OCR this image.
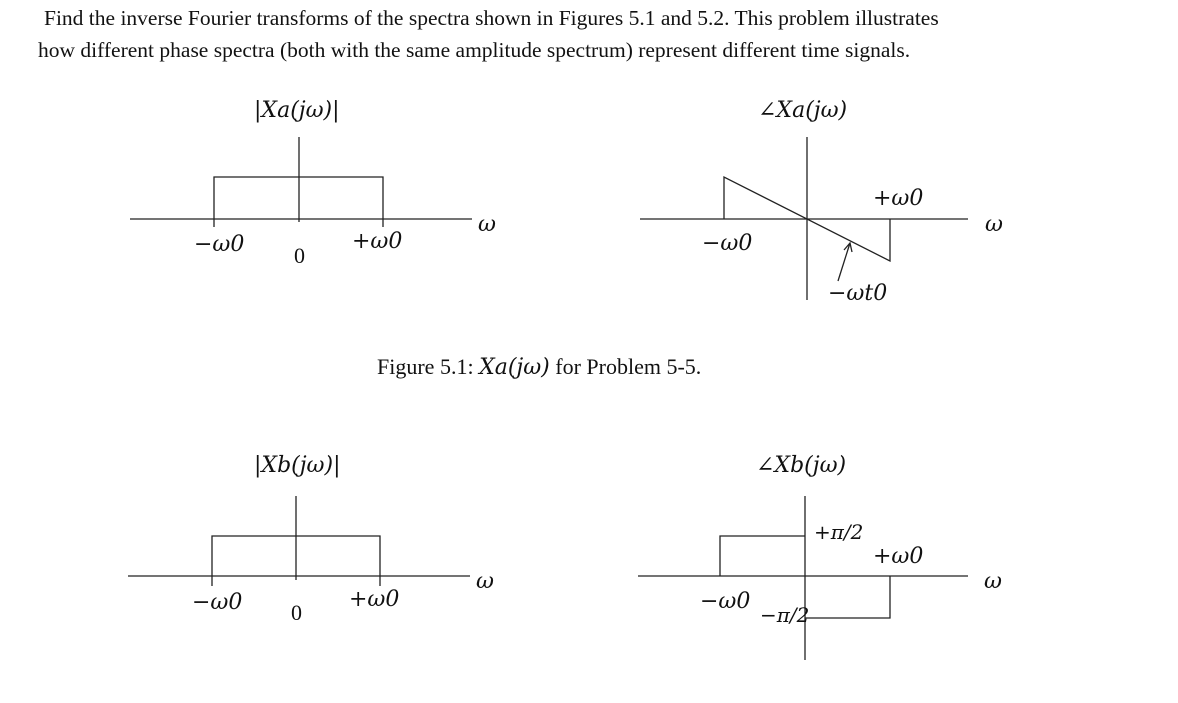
Find the inverse Fourier transforms of the spectra shown in Figures 5.1 and 5.2. This problem illustrates
how different phase spectra (both with the same amplitude spectrum) represent different time signals.
|Xa(jω)|
−ω0 0
+ω0
ω
∠Xa(jω)
−ω0
+ω0
−ωt0
ω
|Xb(jω)|
−ω0 0
+ω0
ω
∠Xb(jω)
−ω0
+ω0
ω
+π/2
−π/2
Figure 5.1: Xa(jω) for Problem 5-5.
